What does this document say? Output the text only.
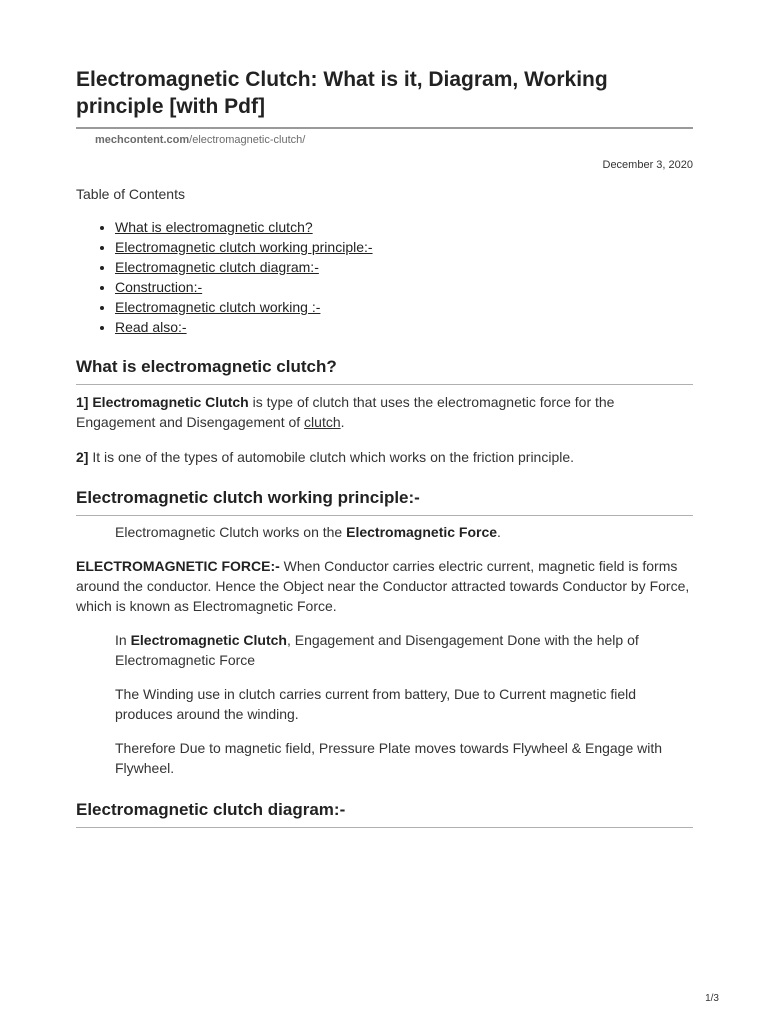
Electromagnetic Clutch: What is it, Diagram, Working principle [with Pdf]
mechcontent.com/electromagnetic-clutch/
December 3, 2020
Table of Contents
• What is electromagnetic clutch?
• Electromagnetic clutch working principle:-
• Electromagnetic clutch diagram:-
• Construction:-
• Electromagnetic clutch working :-
• Read also:-
What is electromagnetic clutch?

1] Electromagnetic Clutch is type of clutch that uses the electromagnetic force for the Engagement and Disengagement of clutch.

2] It is one of the types of automobile clutch which works on the friction principle.

Electromagnetic clutch working principle:-

Electromagnetic Clutch works on the Electromagnetic Force.

ELECTROMAGNETIC FORCE:- When Conductor carries electric current, magnetic field is forms around the conductor. Hence the Object near the Conductor attracted towards Conductor by Force, which is known as Electromagnetic Force.

In Electromagnetic Clutch, Engagement and Disengagement Done with the help of Electromagnetic Force

The Winding use in clutch carries current from battery, Due to Current magnetic field produces around the winding.

Therefore Due to magnetic field, Pressure Plate moves towards Flywheel & Engage with Flywheel.

Electromagnetic clutch diagram:-
1/3
